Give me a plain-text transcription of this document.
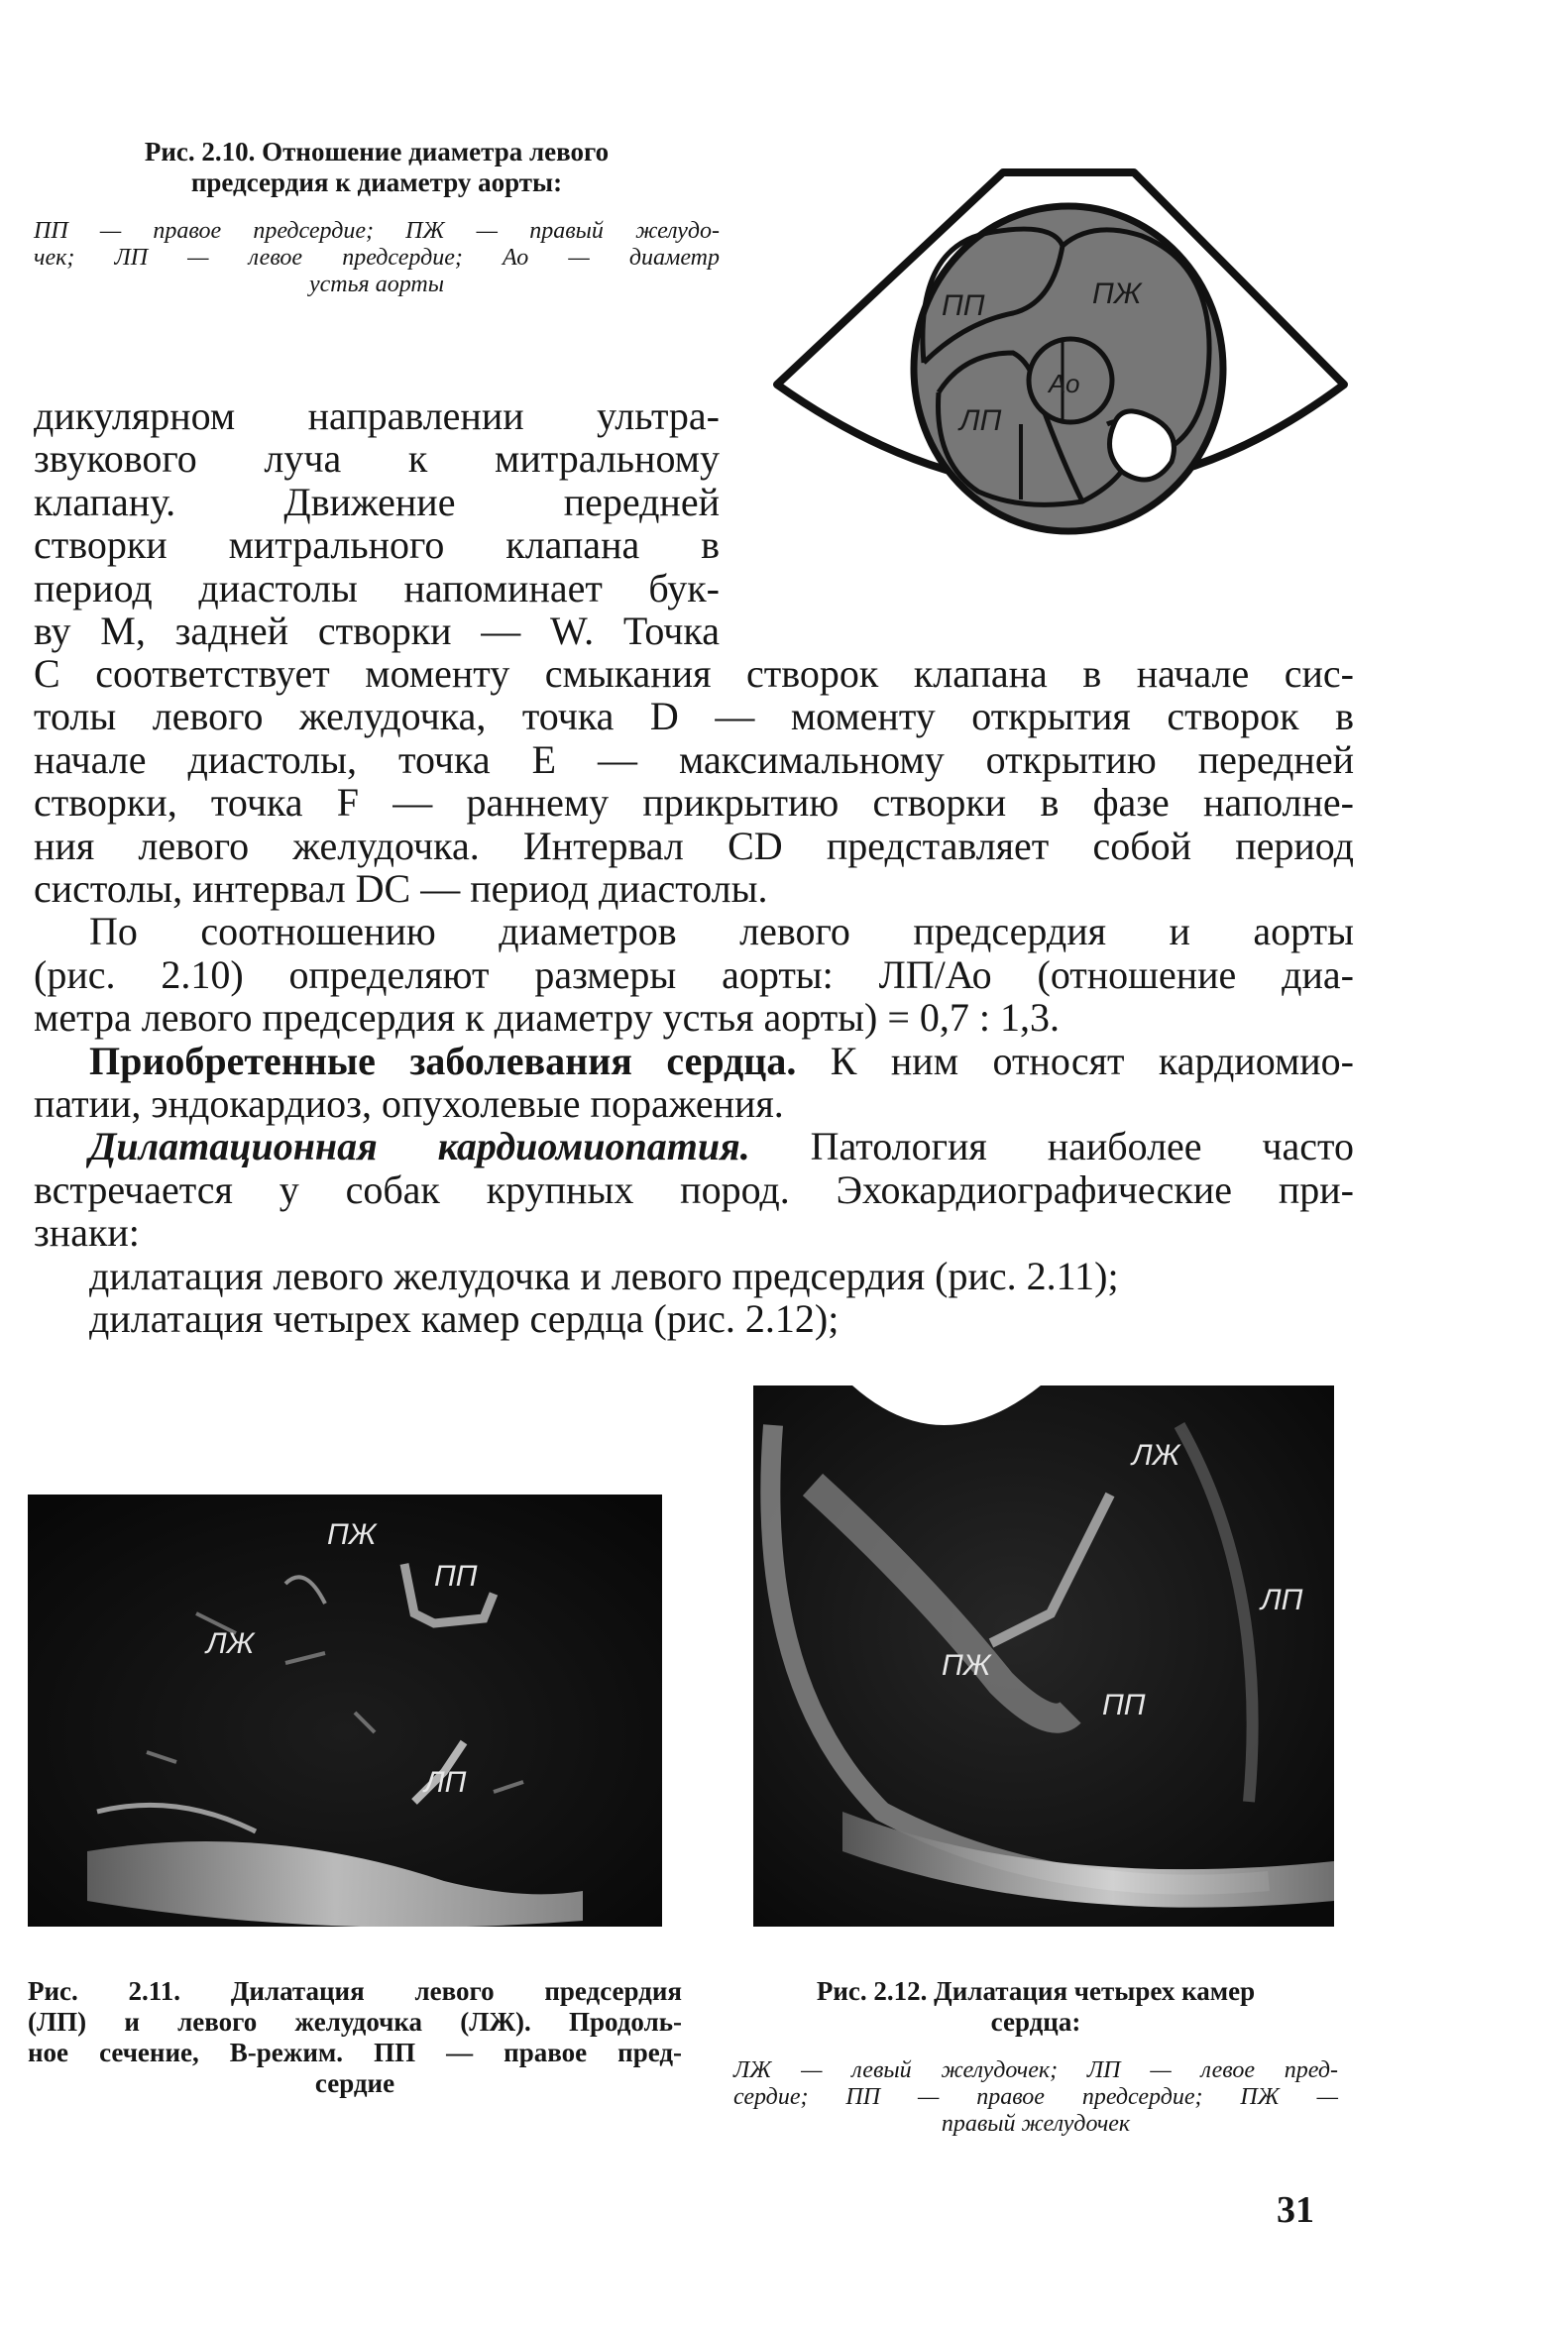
Рис. 2.10. Отношение диаметра левого
предсердия к диаметру аорты:
ПП — правое предсердие; ПЖ — правый желудо-
чек; ЛП — левое предсердие; Ао — диаметр
устья аорты
ПП	ПЖ
ЛП
Ао
дикулярном направлении ультра-
звукового луча к митральному
клапану. Движение передней
створки митрального клапана в
период диастолы напоминает бук-
ву M, задней створки — W. Точка
C соответствует моменту смыкания створок клапана в начале сис-
толы левого желудочка, точка D — моменту открытия створок в
начале диастолы, точка E — максимальному открытию передней
створки, точка F — раннему прикрытию створки в фазе наполне-
ния левого желудочка. Интервал CD представляет собой период
систолы, интервал DC — период диастолы.
По соотношению диаметров левого предсердия и аорты
(рис. 2.10) определяют размеры аорты: ЛП/Ао (отношение диа-
метра левого предсердия к диаметру устья аорты) = 0,7 : 1,3.
Приобретенные заболевания сердца. К ним относят кардиомио-
патии, эндокардиоз, опухолевые поражения.
Дилатационная кардиомиопатия. Патология наиболее часто
встречается у собак крупных пород. Эхокардиографические при-
знаки:
дилатация левого желудочка и левого предсердия (рис. 2.11);
дилатация четырех камер сердца (рис. 2.12);
ПЖ
ПП
ЛЖ
ЛП
ЛЖ
ЛП
ПЖ
ПП
Рис. 2.11. Дилатация левого предсердия
(ЛП) и левого желудочка (ЛЖ). Продоль-
ное сечение, B-режим. ПП — правое пред-
сердие
Рис. 2.12. Дилатация четырех камер
сердца:
ЛЖ — левый желудочек; ЛП — левое пред-
сердие; ПП — правое предсердие; ПЖ —
правый желудочек
31
